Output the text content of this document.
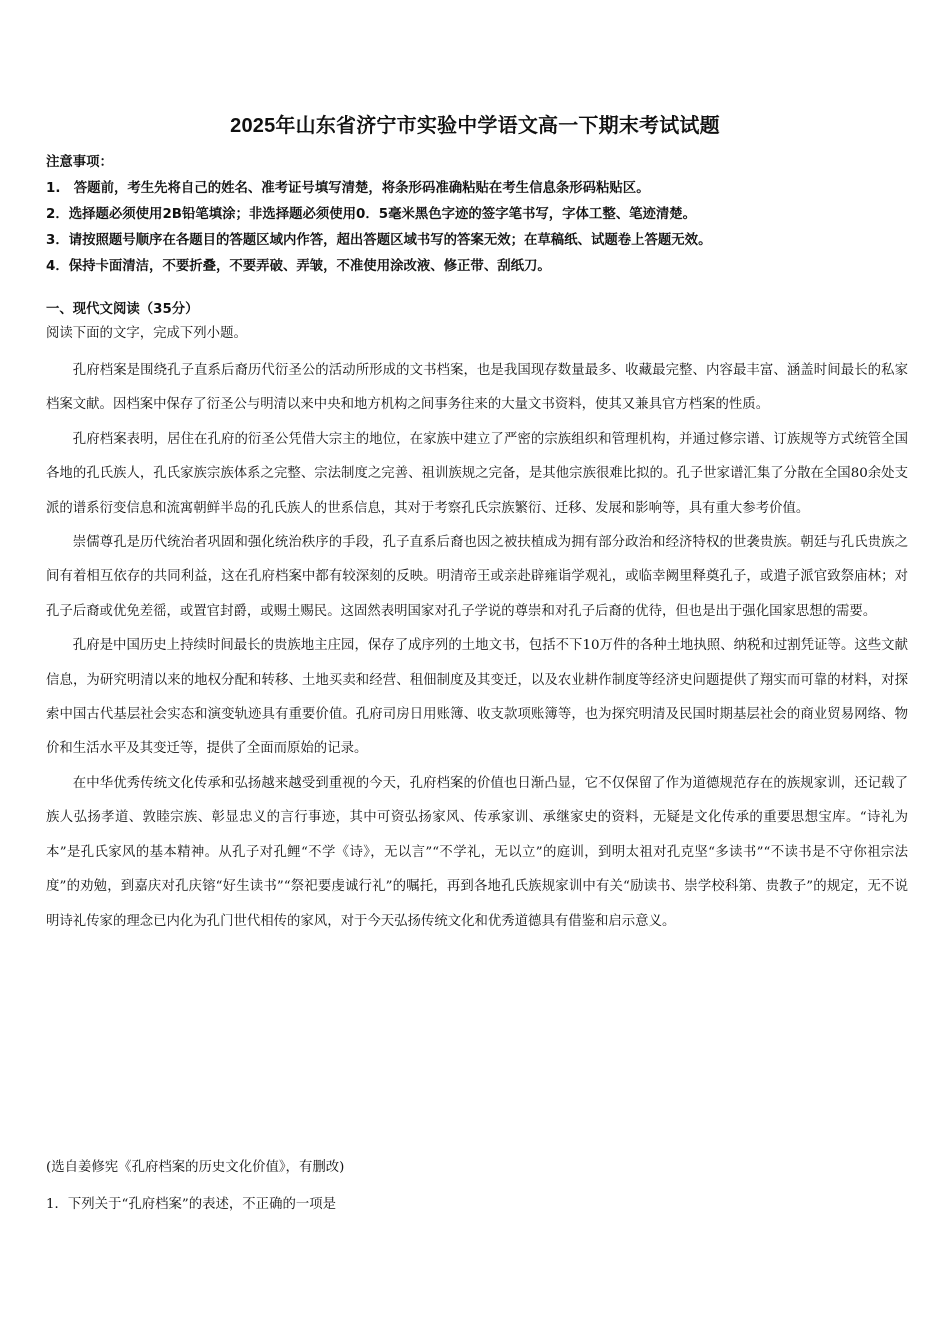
2025年山东省济宁市实验中学语文高一下期末考试试题
注意事项：
1.　答题前，考生先将自己的姓名、准考证号填写清楚，将条形码准确粘贴在考生信息条形码粘贴区。
2．选择题必须使用2B铅笔填涂；非选择题必须使用0．5毫米黑色字迹的签字笔书写，字体工整、笔迹清楚。
3．请按照题号顺序在各题目的答题区域内作答，超出答题区域书写的答案无效；在草稿纸、试题卷上答题无效。
4．保持卡面清洁，不要折叠，不要弄破、弄皱，不准使用涂改液、修正带、刮纸刀。
一、现代文阅读（35分）
阅读下面的文字，完成下列小题。

孔府档案是围绕孔子直系后裔历代衍圣公的活动所形成的文书档案，也是我国现存数量最多、收藏最完整、内容最丰富、涵盖时间最长的私家档案文献。因档案中保存了衍圣公与明清以来中央和地方机构之间事务往来的大量文书资料，使其又兼具官方档案的性质。

孔府档案表明，居住在孔府的衍圣公凭借大宗主的地位，在家族中建立了严密的宗族组织和管理机构，并通过修宗谱、订族规等方式统管全国各地的孔氏族人，孔氏家族宗族体系之完整、宗法制度之完善、祖训族规之完备，是其他宗族很难比拟的。孔子世家谱汇集了分散在全国80余处支派的谱系衍变信息和流寓朝鲜半岛的孔氏族人的世系信息，其对于考察孔氏宗族繁衍、迁移、发展和影响等，具有重大参考价值。

崇儒尊孔是历代统治者巩固和强化统治秩序的手段，孔子直系后裔也因之被扶植成为拥有部分政治和经济特权的世袭贵族。朝廷与孔氏贵族之间有着相互依存的共同利益，这在孔府档案中都有较深刻的反映。明清帝王或亲赴辟雍诣学观礼，或临幸阙里释奠孔子，或遣子派官致祭庙林；对孔子后裔或优免差徭，或置官封爵，或赐土赐民。这固然表明国家对孔子学说的尊崇和对孔子后裔的优待，但也是出于强化国家思想的需要。

孔府是中国历史上持续时间最长的贵族地主庄园，保存了成序列的土地文书，包括不下10万件的各种土地执照、纳税和过割凭证等。这些文献信息，为研究明清以来的地权分配和转移、土地买卖和经营、租佃制度及其变迁，以及农业耕作制度等经济史问题提供了翔实而可靠的材料，对探索中国古代基层社会实态和演变轨迹具有重要价值。孔府司房日用账簿、收支款项账簿等，也为探究明清及民国时期基层社会的商业贸易网络、物价和生活水平及其变迁等，提供了全面而原始的记录。

在中华优秀传统文化传承和弘扬越来越受到重视的今天，孔府档案的价值也日渐凸显，它不仅保留了作为道德规范存在的族规家训，还记载了族人弘扬孝道、敦睦宗族、彰显忠义的言行事迹，其中可资弘扬家风、传承家训、承继家史的资料，无疑是文化传承的重要思想宝库。“诗礼为本”是孔氏家风的基本精神。从孔子对孔鲤“不学《诗》，无以言”“不学礼，无以立”的庭训，到明太祖对孔克坚“多读书”“不读书是不守你祖宗法度”的劝勉，到嘉庆对孔庆镕“好生读书”“祭祀要虔诚行礼”的嘱托，再到各地孔氏族规家训中有关“励读书、崇学校科第、贵教子”的规定，无不说明诗礼传家的理念已内化为孔门世代相传的家风，对于今天弘扬传统文化和优秀道德具有借鉴和启示意义。

(选自姜修宪《孔府档案的历史文化价值》，有删改)
1．下列关于“孔府档案”的表述，不正确的一项是
